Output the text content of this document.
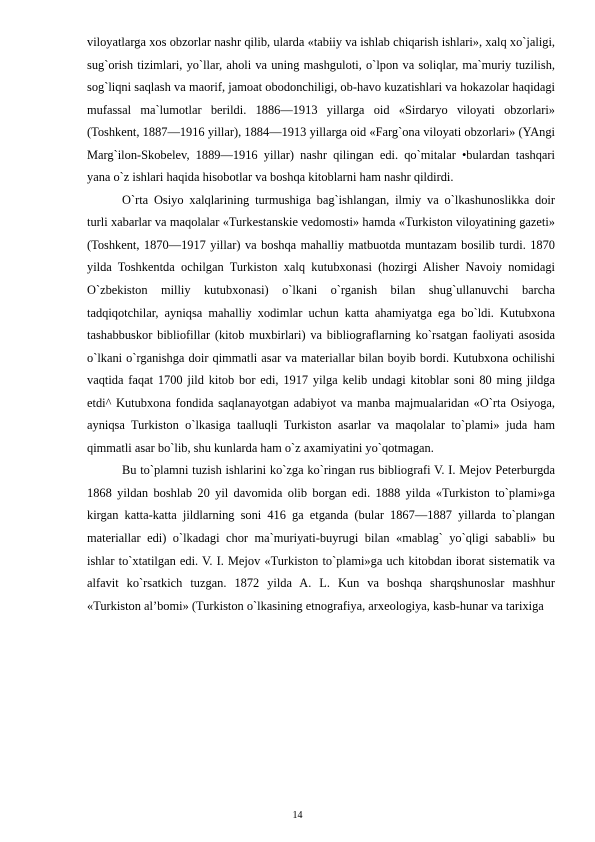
viloyatlarga xos obzorlar nashr qilib, ularda «tabiiy va ishlab chiqarish ishlari», xalq xo`jaligi, sug`orish tizimlari, yo`llar, aholi va uning mashguloti, o`lpon va soliqlar, ma`muriy tuzilish, sog`liqni saqlash va maorif, jamoat obodonchiligi, ob-havo kuzatishlari va hokazolar haqidagi mufassal ma`lumotlar berildi. 1886—1913 yillarga oid «Sirdaryo viloyati obzorlari» (Toshkent, 1887—1916 yillar), 1884—1913 yillarga oid «Farg`ona viloyati obzorlari» (YAngi Marg`ilon-Skobelev, 1889—1916 yillar) nashr qilingan edi. qo`mitalar •bulardan tashqari yana o`z ishlari haqida hisobotlar va boshqa kitoblarni ham nashr qildirdi.

O`rta Osiyo xalqlarining turmushiga bag`ishlangan, ilmiy va o`lkashunoslikka doir turli xabarlar va maqolalar «Turkestanskie vedomosti» hamda «Turkiston viloyatining gazeti» (Toshkent, 1870—1917 yillar) va boshqa mahalliy matbuotda muntazam bosilib turdi. 1870 yilda Toshkentda ochilgan Turkiston xalq kutubxonasi (hozirgi Alisher Navoiy nomidagi O`zbekiston milliy kutubxonasi) o`lkani o`rganish bilan shug`ullanuvchi barcha tadqiqotchilar, ayniqsa mahalliy xodimlar uchun katta ahamiyatga ega bo`ldi. Kutubxona tashabbuskor bibliofillar (kitob muxbirlari) va bibliograflarning ko`rsatgan faoliyati asosida o`lkani o`rganishga doir qimmatli asar va materiallar bilan boyib bordi. Kutubxona ochilishi vaqtida faqat 1700 jild kitob bor edi, 1917 yilga kelib undagi kitoblar soni 80 ming jildga etdi^ Kutubxona fondida saqlanayotgan adabiyot va manba majmualaridan «O`rta Osiyoga, ayniqsa Turkiston o`lkasiga taalluqli Turkiston asarlar va maqolalar to`plami» juda ham qimmatli asar bo`lib, shu kunlarda ham o`z axamiyatini yo`qotmagan.

Bu to`plamni tuzish ishlarini ko`zga ko`ringan rus bibliografi V. I. Mejov Peterburgda 1868 yildan boshlab 20 yil davomida olib borgan edi. 1888 yilda «Turkiston to`plami»ga kirgan katta-katta jildlarning soni 416 ga etganda (bular 1867—1887 yillarda to`plangan materiallar edi) o`lkadagi chor ma`muriyati-buyrugi bilan «mablag` yo`qligi sababli» bu ishlar to`xtatilgan edi. V. I. Mejov «Turkiston to`plami»ga uch kitobdan iborat sistematik va alfavit ko`rsatkich tuzgan. 1872 yilda A. L. Kun va boshqa sharqshunoslar mashhur «Turkiston al’bomi» (Turkiston o`lkasining etnografiya, arxeologiya, kasb-hunar va tarixiga

14
